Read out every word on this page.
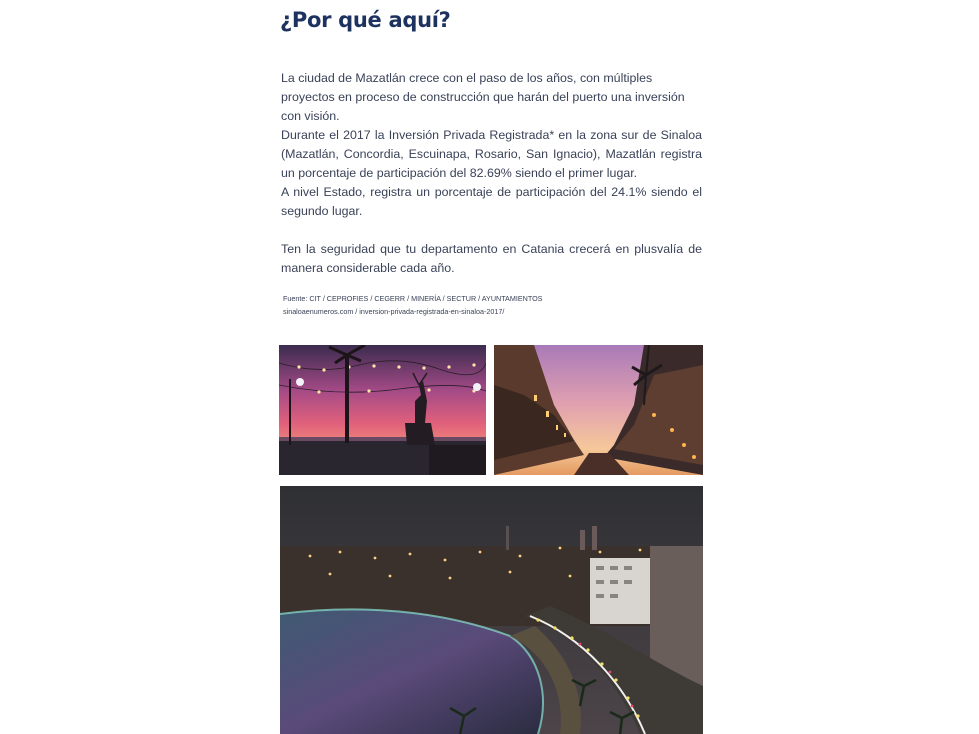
¿Por qué aquí?

La ciudad de Mazatlán crece con el paso de los años, con múltiples proyectos en proceso de construcción que harán del puerto una inversión con visión.

Durante el 2017 la Inversión Privada Registrada* en la zona sur de Sinaloa (Mazatlán, Concordia, Escuinapa, Rosario, San Ignacio), Mazatlán registra un porcentaje de participación del 82.69% siendo el primer lugar.

A nivel Estado, registra un porcentaje de participación del 24.1% siendo el segundo lugar.

Ten la seguridad que tu departamento en Catania crecerá en plusvalía de manera considerable cada año.

Fuente: CIT / CEPROFIES / CEGERR / MINERÍA / SECTUR / AYUNTAMIENTOS
sinaloaenumeros.com / inversion-privada-registrada-en-sinaloa-2017/
